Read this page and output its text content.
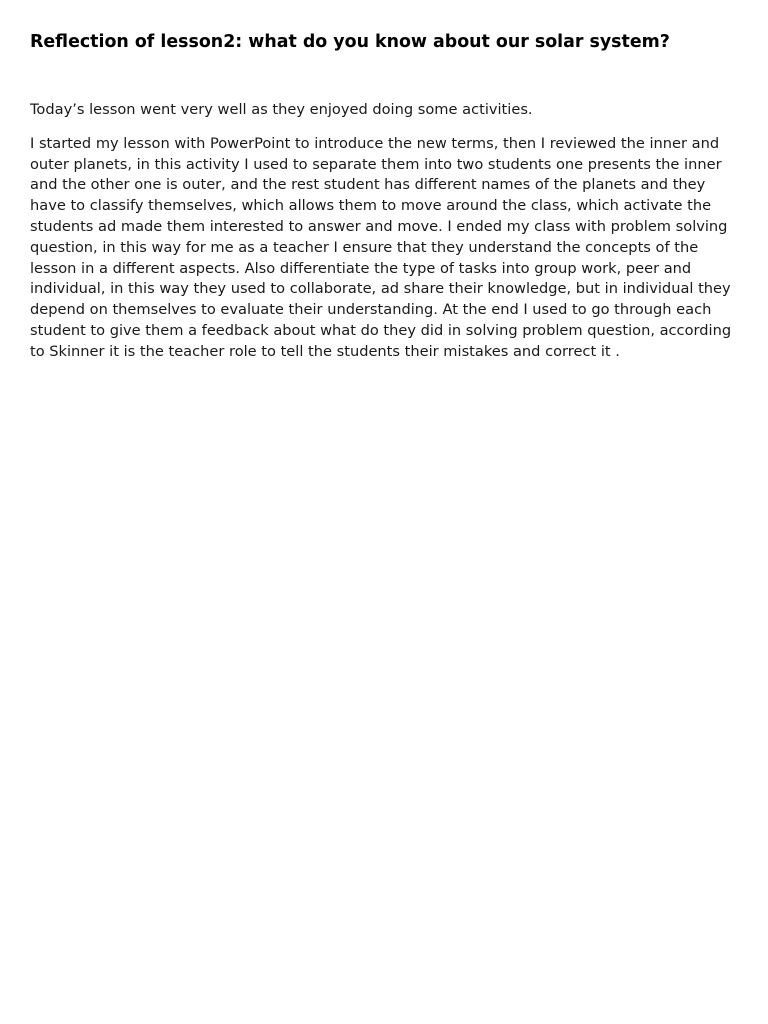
Reflection of lesson2: what do you know about our solar system?

Today’s lesson went very well as they enjoyed doing some activities.

I started my lesson with PowerPoint to introduce the new terms, then I reviewed the inner and outer planets, in this activity I used to separate them into two students one presents the inner and the other one is outer, and the rest student has different names of the planets and they have to classify themselves, which allows them to move around the class, which activate the students ad made them interested to answer and move. I ended my class with problem solving question, in this way for me as a teacher I ensure that they understand the concepts of the lesson in a different aspects. Also differentiate the type of tasks into group work, peer and individual, in this way they used to collaborate, ad share their knowledge, but in individual they depend on themselves to evaluate their understanding. At the end I used to go through each student to give them a feedback about what do they did in solving problem question, according to Skinner it is the teacher role to tell the students their mistakes and correct it .
